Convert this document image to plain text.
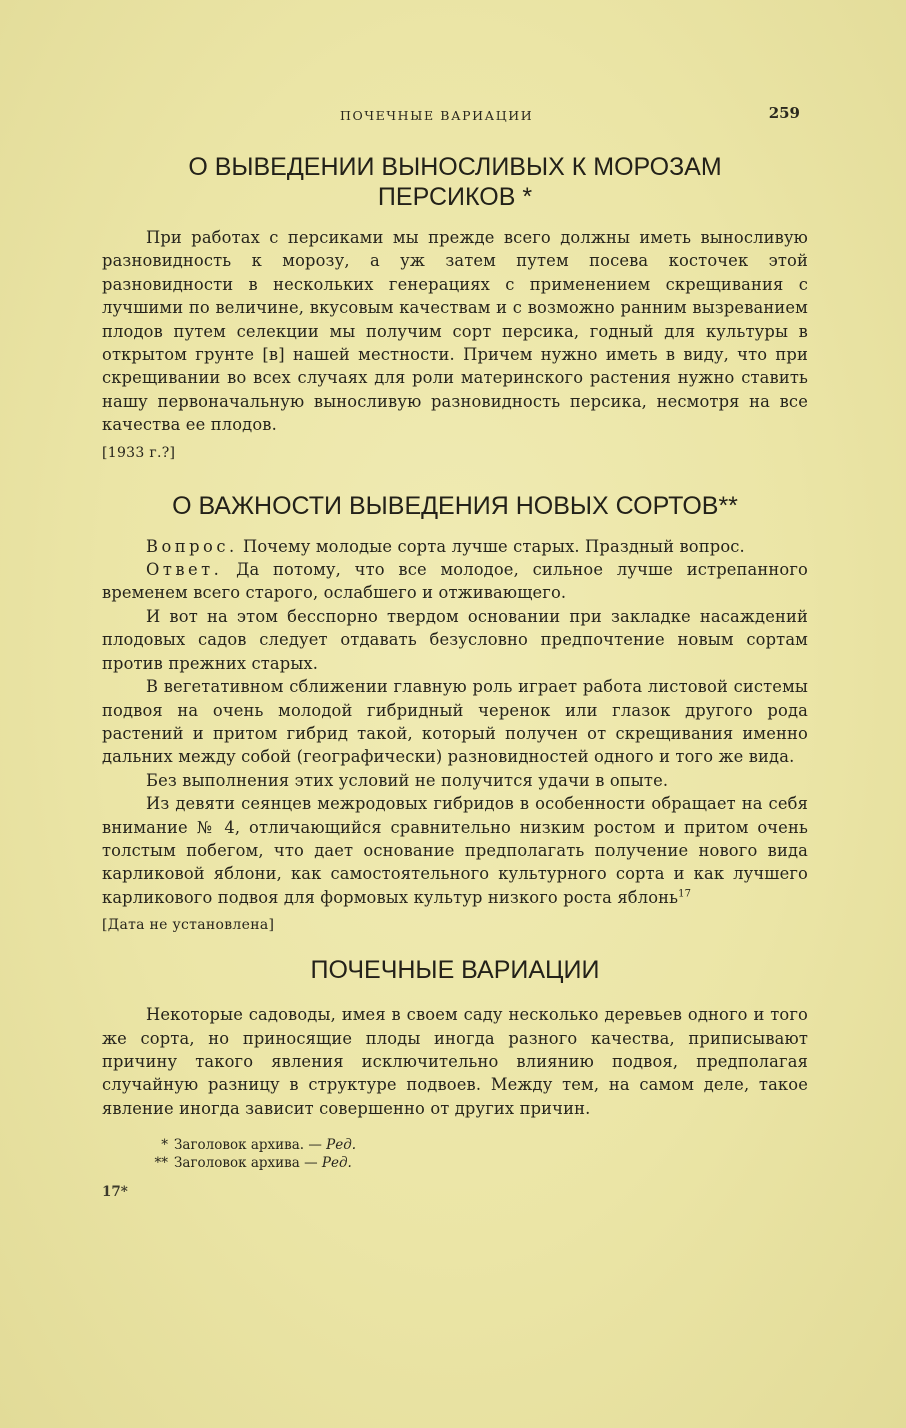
ПОЧЕЧНЫЕ ВАРИАЦИИ	259
О ВЫВЕДЕНИИ ВЫНОСЛИВЫХ К МОРОЗАМ
ПЕРСИКОВ *

При работах с персиками мы прежде всего должны иметь выносливую разновидность к морозу, а уж затем путем посева косточек этой разновидности в нескольких генерациях с применением скрещивания с лучшими по величине, вкусовым качествам и с возможно ранним вызреванием плодов путем селекции мы получим сорт персика, годный для культуры в открытом грунте [в] нашей местности. Причем нужно иметь в виду, что при скрещивании во всех случаях для роли материнского растения нужно ставить нашу первоначальную выносливую разновидность персика, несмотря на все качества ее плодов.

[1933 г.?]

О ВАЖНОСТИ ВЫВЕДЕНИЯ НОВЫХ СОРТОВ**

Вопрос. Почему молодые сорта лучше старых. Праздный вопрос.

Ответ. Да потому, что все молодое, сильное лучше истрепанного временем всего старого, ослабшего и отживающего.

И вот на этом бесспорно твердом основании при закладке насаждений плодовых садов следует отдавать безусловно предпочтение новым сортам против прежних старых.

В вегетативном сближении главную роль играет работа листовой системы подвоя на очень молодой гибридный черенок или глазок другого рода растений и притом гибрид такой, который получен от скрещивания именно дальних между собой (географически) разновидностей одного и того же вида.

Без выполнения этих условий не получится удачи в опыте.

Из девяти сеянцев межродовых гибридов в особенности обращает на себя внимание № 4, отличающийся сравнительно низким ростом и притом очень толстым побегом, что дает основание предполагать получение нового вида карликовой яблони, как самостоятельного культурного сорта и как лучшего карликового подвоя для формовых культур низкого роста яблонь$^{17}$

[Дата не установлена]

ПОЧЕЧНЫЕ ВАРИАЦИИ

Некоторые садоводы, имея в своем саду несколько деревьев одного и того же сорта, но приносящие плоды иногда разного качества, приписывают причину такого явления исключительно влиянию подвоя, предполагая случайную разницу в структуре подвоев. Между тем, на самом деле, такое явление иногда зависит совершенно от других причин.

* Заголовок архива. — Ред.
** Заголовок архива — Ред.
17*
